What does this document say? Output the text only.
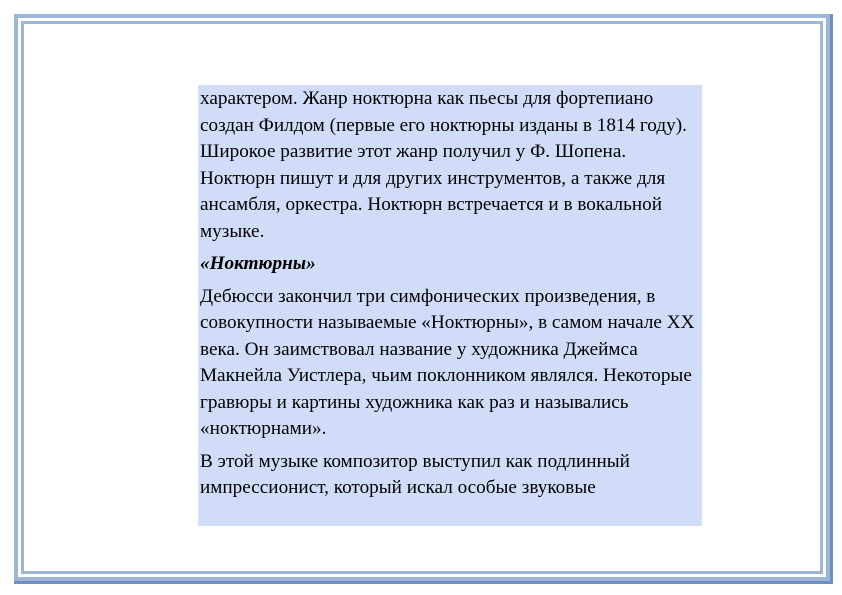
характером. Жанр ноктюрна как пьесы для фортепиано создан Филдом (первые его ноктюрны изданы в 1814 году). Широкое развитие этот жанр получил у Ф. Шопена. Ноктюрн пишут и для других инструментов, а также для ансамбля, оркестра. Ноктюрн встречается и в вокальной музыке.

«Ноктюрны»

Дебюсси закончил три симфонических произведения, в совокупности называемые «Ноктюрны», в самом начале XX века. Он заимствовал название у художника Джеймса Макнейла Уистлера, чьим поклонником являлся. Некоторые гравюры и картины художника как раз и назывались «ноктюрнами».

В этой музыке композитор выступил как подлинный импрессионист, который искал особые звуковые
